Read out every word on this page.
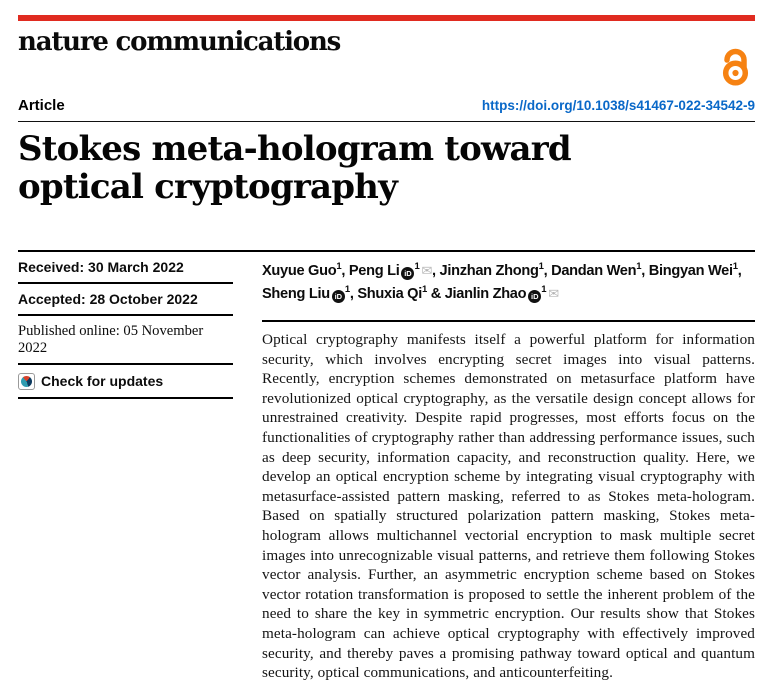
nature communications
Article	https://doi.org/10.1038/s41467-022-34542-9
Stokes meta-hologram toward optical cryptography
Received: 30 March 2022
Accepted: 28 October 2022
Published online: 05 November 2022
Check for updates

Xuyue Guo$^1$, Peng Li $iD^1$ ✉, Jinzhan Zhong$^1$, Dandan Wen$^1$, Bingyan Wei$^1$, Sheng Liu $iD^1$, Shuxia Qi$^1$ & Jianlin Zhao $iD^1$ ✉

Optical cryptography manifests itself a powerful platform for information security, which involves encrypting secret images into visual patterns. Recently, encryption schemes demonstrated on metasurface platform have revolutionized optical cryptography, as the versatile design concept allows for unrestrained creativity. Despite rapid progresses, most efforts focus on the functionalities of cryptography rather than addressing performance issues, such as deep security, information capacity, and reconstruction quality. Here, we develop an optical encryption scheme by integrating visual cryptography with metasurface-assisted pattern masking, referred to as Stokes meta-hologram. Based on spatially structured polarization pattern masking, Stokes meta-hologram allows multichannel vectorial encryption to mask multiple secret images into unrecognizable visual patterns, and retrieve them following Stokes vector analysis. Further, an asymmetric encryption scheme based on Stokes vector rotation transformation is proposed to settle the inherent problem of the need to share the key in symmetric encryption. Our results show that Stokes meta-hologram can achieve optical cryptography with effectively improved security, and thereby paves a promising pathway toward optical and quantum security, optical communications, and anticounterfeiting.
